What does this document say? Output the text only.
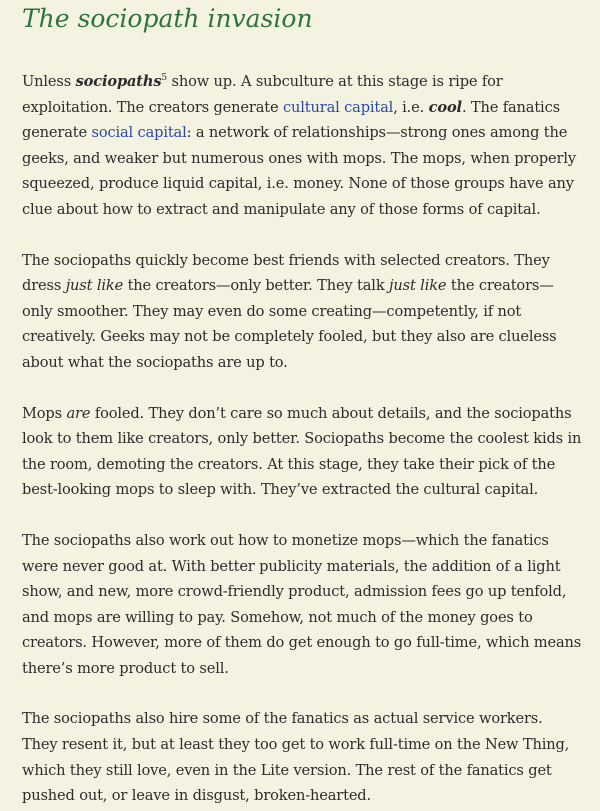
The sociopath invasion

Unless sociopaths$^5$ show up. A subculture at this stage is ripe for exploitation. The creators generate cultural capital, i.e. cool. The fanatics generate social capital: a network of relationships—strong ones among the geeks, and weaker but numerous ones with mops. The mops, when properly squeezed, produce liquid capital, i.e. money. None of those groups have any clue about how to extract and manipulate any of those forms of capital.

The sociopaths quickly become best friends with selected creators. They dress just like the creators—only better. They talk just like the creators—only smoother. They may even do some creating—competently, if not creatively. Geeks may not be completely fooled, but they also are clueless about what the sociopaths are up to.

Mops are fooled. They don’t care so much about details, and the sociopaths look to them like creators, only better. Sociopaths become the coolest kids in the room, demoting the creators. At this stage, they take their pick of the best-looking mops to sleep with. They’ve extracted the cultural capital.

The sociopaths also work out how to monetize mops—which the fanatics were never good at. With better publicity materials, the addition of a light show, and new, more crowd-friendly product, admission fees go up tenfold, and mops are willing to pay. Somehow, not much of the money goes to creators. However, more of them do get enough to go full-time, which means there’s more product to sell.

The sociopaths also hire some of the fanatics as actual service workers. They resent it, but at least they too get to work full-time on the New Thing, which they still love, even in the Lite version. The rest of the fanatics get pushed out, or leave in disgust, broken-hearted.
